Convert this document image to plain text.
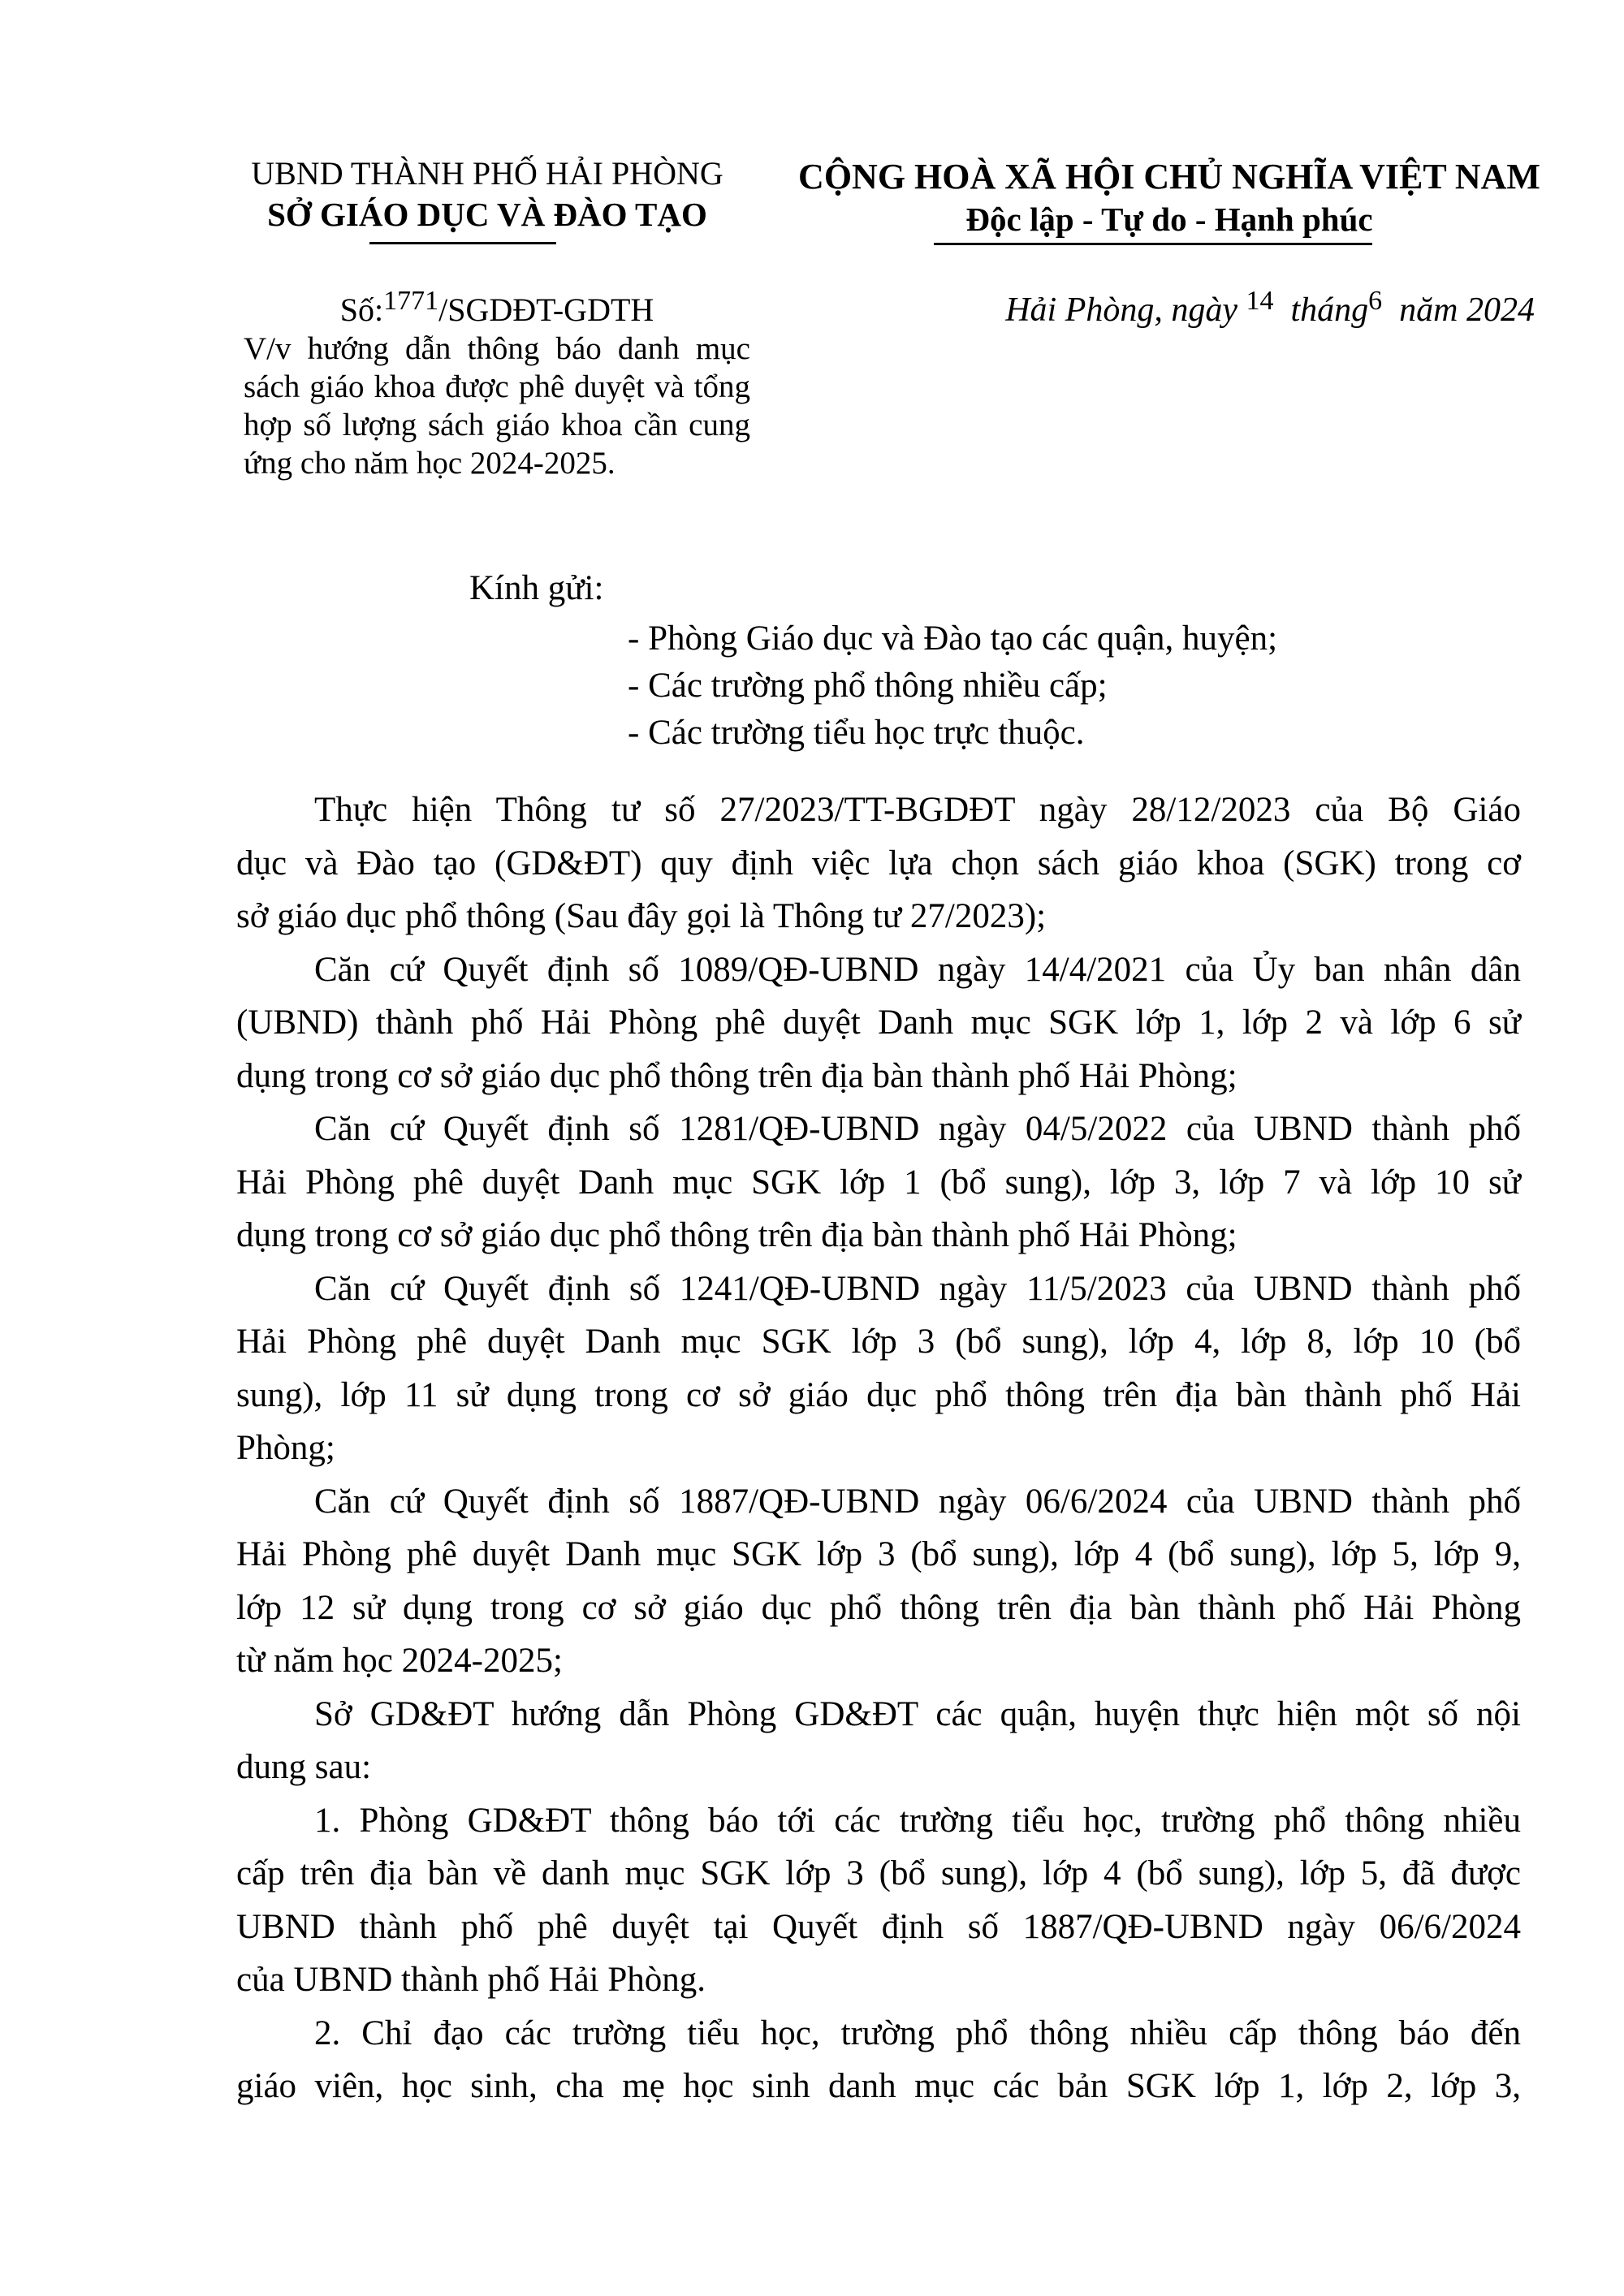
UBND THÀNH PHỐ HẢI PHÒNG
SỞ GIÁO DỤC VÀ ĐÀO TẠO
CỘNG HOÀ XÃ HỘI CHỦ NGHĨA VIỆT NAM
Độc lập - Tự do - Hạnh phúc
Số:$^{1771}$/SGDĐT-GDTH	Hải Phòng, ngày $^{14}$ tháng$^6$ năm 2024
V/v hướng dẫn thông báo danh mục
sách giáo khoa được phê duyệt và tổng
hợp số lượng sách giáo khoa cần cung
ứng cho năm học 2024-2025.
Kính gửi:
- Phòng Giáo dục và Đào tạo các quận, huyện;
- Các trường phổ thông nhiều cấp;
- Các trường tiểu học trực thuộc.
Thực hiện Thông tư số 27/2023/TT-BGDĐT ngày 28/12/2023 của Bộ Giáo
dục và Đào tạo (GD&ĐT) quy định việc lựa chọn sách giáo khoa (SGK) trong cơ
sở giáo dục phổ thông (Sau đây gọi là Thông tư 27/2023);
Căn cứ Quyết định số 1089/QĐ-UBND ngày 14/4/2021 của Ủy ban nhân dân
(UBND) thành phố Hải Phòng phê duyệt Danh mục SGK lớp 1, lớp 2 và lớp 6 sử
dụng trong cơ sở giáo dục phổ thông trên địa bàn thành phố Hải Phòng;
Căn cứ Quyết định số 1281/QĐ-UBND ngày 04/5/2022 của UBND thành phố
Hải Phòng phê duyệt Danh mục SGK lớp 1 (bổ sung), lớp 3, lớp 7 và lớp 10 sử
dụng trong cơ sở giáo dục phổ thông trên địa bàn thành phố Hải Phòng;
Căn cứ Quyết định số 1241/QĐ-UBND ngày 11/5/2023 của UBND thành phố
Hải Phòng phê duyệt Danh mục SGK lớp 3 (bổ sung), lớp 4, lớp 8, lớp 10 (bổ
sung), lớp 11 sử dụng trong cơ sở giáo dục phổ thông trên địa bàn thành phố Hải
Phòng;
Căn cứ Quyết định số 1887/QĐ-UBND ngày 06/6/2024 của UBND thành phố
Hải Phòng phê duyệt Danh mục SGK lớp 3 (bổ sung), lớp 4 (bổ sung), lớp 5, lớp 9,
lớp 12 sử dụng trong cơ sở giáo dục phổ thông trên địa bàn thành phố Hải Phòng
từ năm học 2024-2025;
Sở GD&ĐT hướng dẫn Phòng GD&ĐT các quận, huyện thực hiện một số nội
dung sau:
1. Phòng GD&ĐT thông báo tới các trường tiểu học, trường phổ thông nhiều
cấp trên địa bàn về danh mục SGK lớp 3 (bổ sung), lớp 4 (bổ sung), lớp 5, đã được
UBND thành phố phê duyệt tại Quyết định số 1887/QĐ-UBND ngày 06/6/2024
của UBND thành phố Hải Phòng.
2. Chỉ đạo các trường tiểu học, trường phổ thông nhiều cấp thông báo đến
giáo viên, học sinh, cha mẹ học sinh danh mục các bản SGK lớp 1, lớp 2, lớp 3,
